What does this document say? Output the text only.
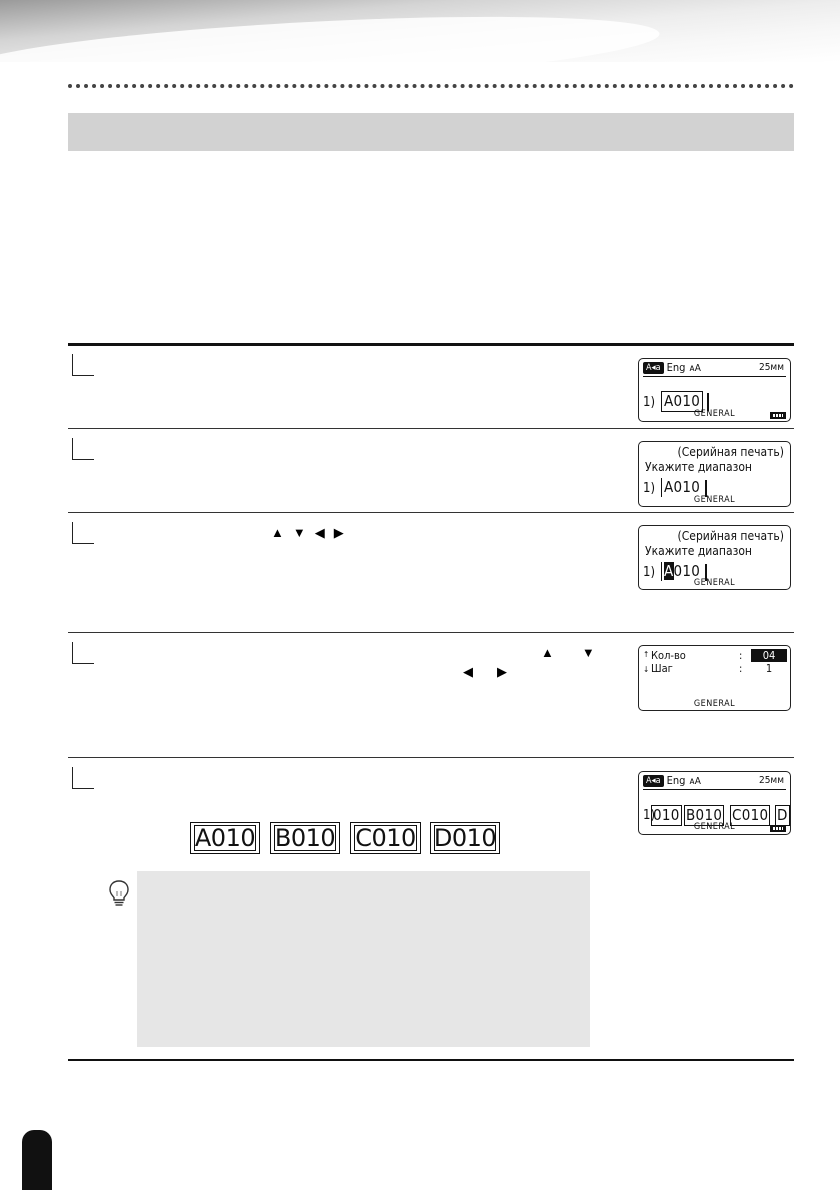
A◂a Eng ᴀA	25мм
1) A010
GENERAL
(Серийная печать)
Укажите диапазон
1) A010
GENERAL
▲ ▼ ◀ ▶	(Серийная печать)
Укажите диапазон
1) A010
GENERAL
▲ ▼
◀ ▶
↑ Кол-во	:	04
↓ Шаг	:	1
GENERAL
A◂a Eng ᴀA	25мм
1)
010 B010 C010 D
GENERAL
A010 B010 C010 D010
